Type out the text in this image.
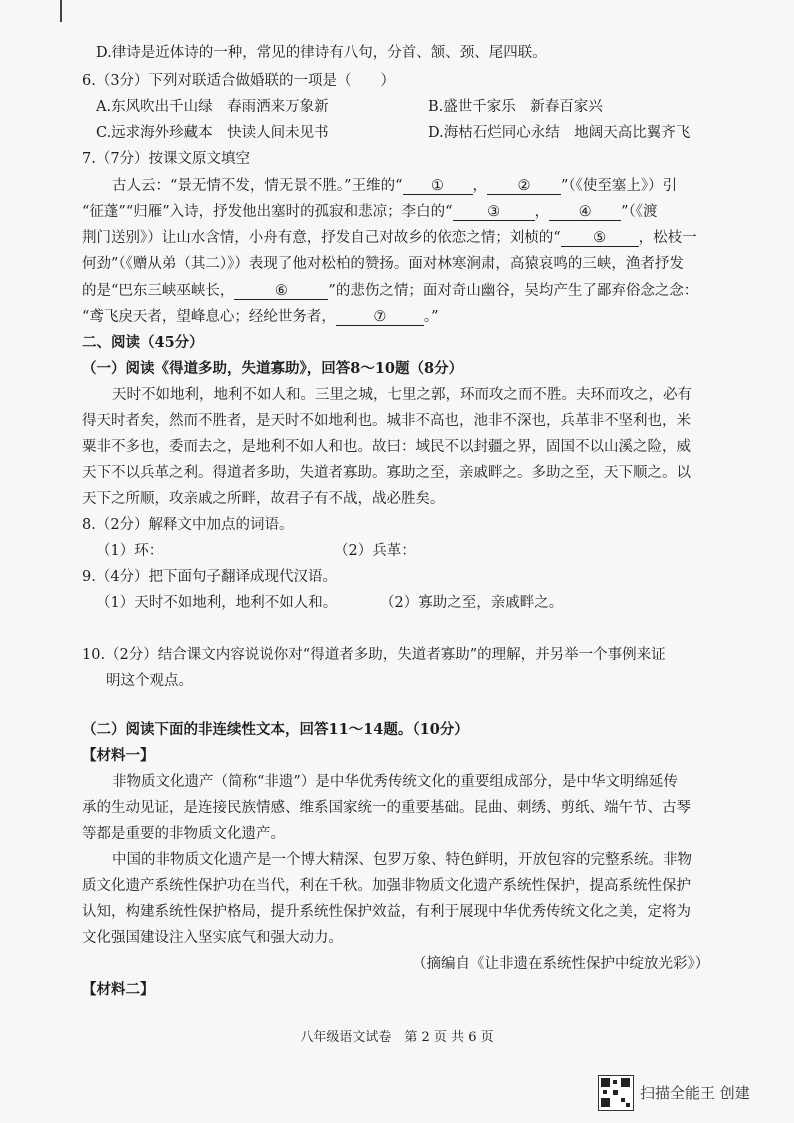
D.律诗是近体诗的一种，常见的律诗有八句，分首、颔、颈、尾四联。
6.（3分）下列对联适合做婚联的一项是（　　）
A.东风吹出千山绿　春雨洒来万象新	B.盛世千家乐　新春百家兴
C.远求海外珍藏本　快读人间未见书	D.海枯石烂同心永结　地阔天高比翼齐飞
7.（7分）按课文原文填空
古人云：“景无情不发，情无景不胜。”王维的“ ① ， ② ”（《使至塞上》）引
“征蓬”“归雁”入诗，抒发他出塞时的孤寂和悲凉；李白的“ ③ ， ④ ”（《渡
荆门送别》）让山水含情，小舟有意，抒发自己对故乡的依恋之情；刘桢的“ ⑤ ，松枝一
何劲”（《赠从弟（其二）》）表现了他对松柏的赞扬。面对林寒涧肃，高猿哀鸣的三峡，渔者抒发
的是“巴东三峡巫峡长，	⑥	”的悲伤之情；面对奇山幽谷，吴均产生了鄙弃俗念之念：
“鸢飞戾天者，望峰息心；经纶世务者，	⑦	。”
二、阅读（45分）
（一）阅读《得道多助，失道寡助》，回答8～10题（8分）
天时不如地利，地利不如人和。三里之城，七里之郭，环而攻之而不胜。夫环而攻之，必有
得天时者矣，然而不胜者，是天时不如地利也。城非不高也，池非不深也，兵革非不坚利也，米
粟非不多也，委而去之，是地利不如人和也。故曰：域民不以封疆之界，固国不以山溪之险，威
天下不以兵革之利。得道者多助，失道者寡助。寡助之至，亲戚畔之。多助之至，天下顺之。以
天下之所顺，攻亲戚之所畔，故君子有不战，战必胜矣。
8.（2分）解释文中加点的词语。
（1）环：	（2）兵革：
9.（4分）把下面句子翻译成现代汉语。
（1）天时不如地利，地利不如人和。	（2）寡助之至，亲戚畔之。
10.（2分）结合课文内容说说你对“得道者多助，失道者寡助”的理解，并另举一个事例来证
明这个观点。
（二）阅读下面的非连续性文本，回答11～14题。（10分）
【材料一】
非物质文化遗产（简称“非遗”）是中华优秀传统文化的重要组成部分，是中华文明绵延传
承的生动见证，是连接民族情感、维系国家统一的重要基础。昆曲、刺绣、剪纸、端午节、古琴
等都是重要的非物质文化遗产。
中国的非物质文化遗产是一个博大精深、包罗万象、特色鲜明，开放包容的完整系统。非物
质文化遗产系统性保护功在当代，利在千秋。加强非物质文化遗产系统性保护，提高系统性保护
认知，构建系统性保护格局，提升系统性保护效益，有利于展现中华优秀传统文化之美，定将为
文化强国建设注入坚实底气和强大动力。
（摘编自《让非遗在系统性保护中绽放光彩》）
【材料二】
八年级语文试卷　第 2 页 共 6 页
扫描全能王 创建
